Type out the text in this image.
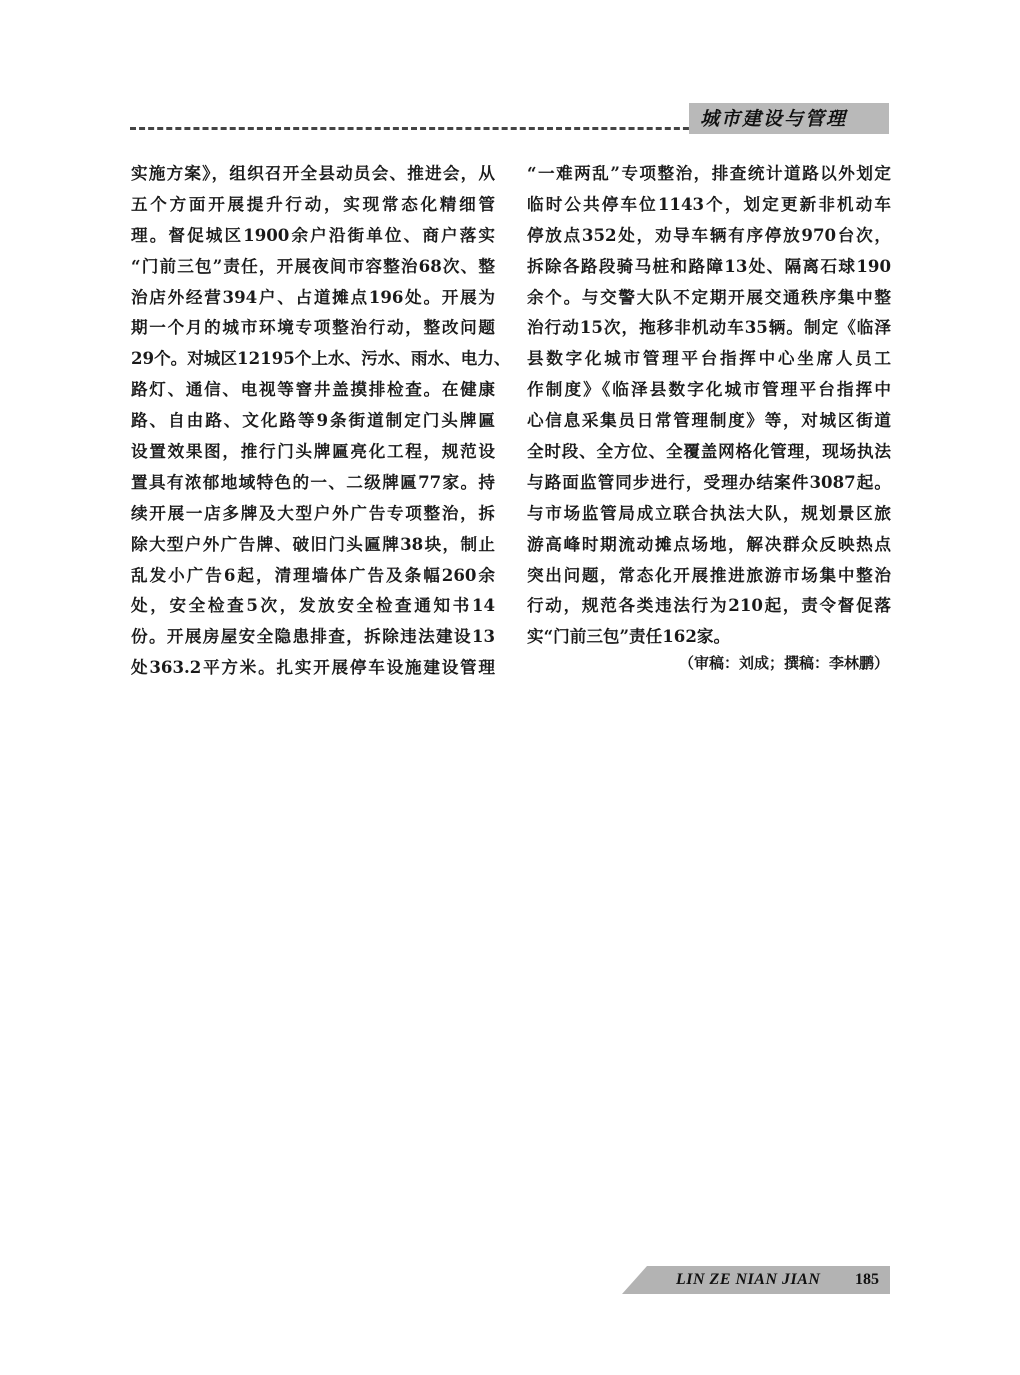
城市建设与管理
实施方案》，组织召开全县动员会、推进会，从
五个方面开展提升行动，实现常态化精细管
理。督促城区1900余户沿街单位、商户落实
“门前三包”责任，开展夜间市容整治68次、整
治店外经营394户、占道摊点196处。开展为
期一个月的城市环境专项整治行动，整改问题
29个。对城区12195个上水、污水、雨水、电力、
路灯、通信、电视等窨井盖摸排检查。在健康
路、自由路、文化路等9条街道制定门头牌匾
设置效果图，推行门头牌匾亮化工程，规范设
置具有浓郁地域特色的一、二级牌匾77家。持
续开展一店多牌及大型户外广告专项整治，拆
除大型户外广告牌、破旧门头匾牌38块，制止
乱发小广告6起，清理墙体广告及条幅260余
处，安全检查5次，发放安全检查通知书14
份。开展房屋安全隐患排查，拆除违法建设13
处363.2平方米。扎实开展停车设施建设管理
“一难两乱”专项整治，排查统计道路以外划定
临时公共停车位1143个，划定更新非机动车
停放点352处，劝导车辆有序停放970台次，
拆除各路段骑马桩和路障13处、隔离石球190
余个。与交警大队不定期开展交通秩序集中整
治行动15次，拖移非机动车35辆。制定《临泽
县数字化城市管理平台指挥中心坐席人员工
作制度》《临泽县数字化城市管理平台指挥中
心信息采集员日常管理制度》等，对城区街道
全时段、全方位、全覆盖网格化管理，现场执法
与路面监管同步进行，受理办结案件3087起。
与市场监管局成立联合执法大队，规划景区旅
游高峰时期流动摊点场地，解决群众反映热点
突出问题，常态化开展推进旅游市场集中整治
行动，规范各类违法行为210起，责令督促落
实“门前三包”责任162家。
（审稿：刘成；撰稿：李林鹏）
LIN ZE NIAN JIAN 185
